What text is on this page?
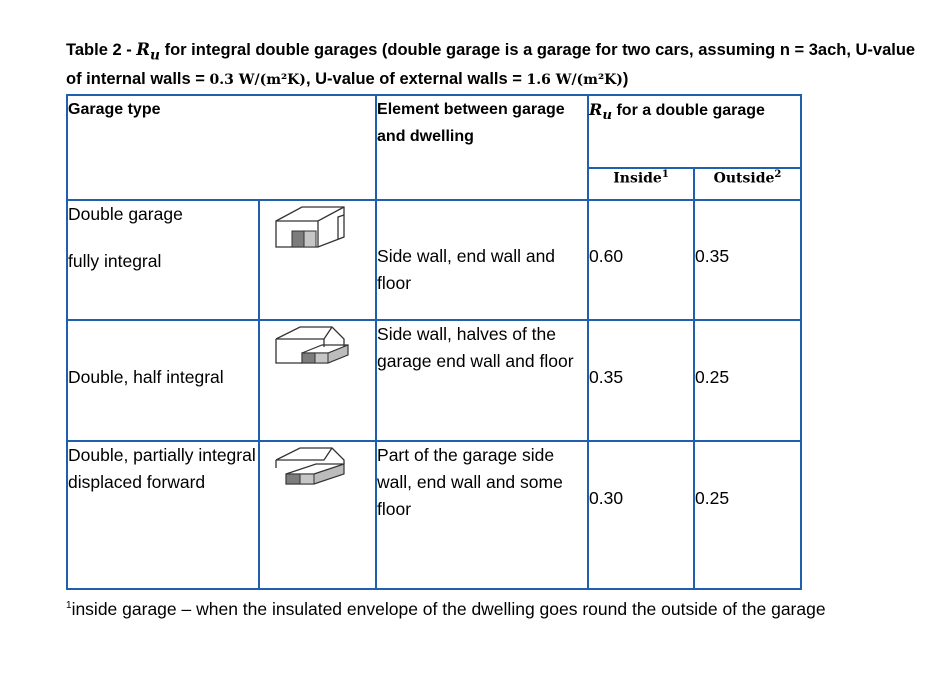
Table $2 - R_u$ for integral double garages (double garage is a garage for two cars, assuming n = 3ach, U-value of internal walls = 0.3 W/(m²K), U-value of external walls = 1.6 W/(m²K))
Garage type		Element between garage and dwelling	$R_u$ for a double garage	
			Inside$^1$	Outside$^2$

Double garage
fully integral		Side wall, end wall and floor	0.60	0.35

Double, half integral		Side wall, halves of the garage end wall and floor	0.35	0.25

Double, partially integral displaced forward		Part of the garage side wall, end wall and some floor	0.30	0.25
$^1$inside garage – when the insulated envelope of the dwelling goes round the outside of the garage
